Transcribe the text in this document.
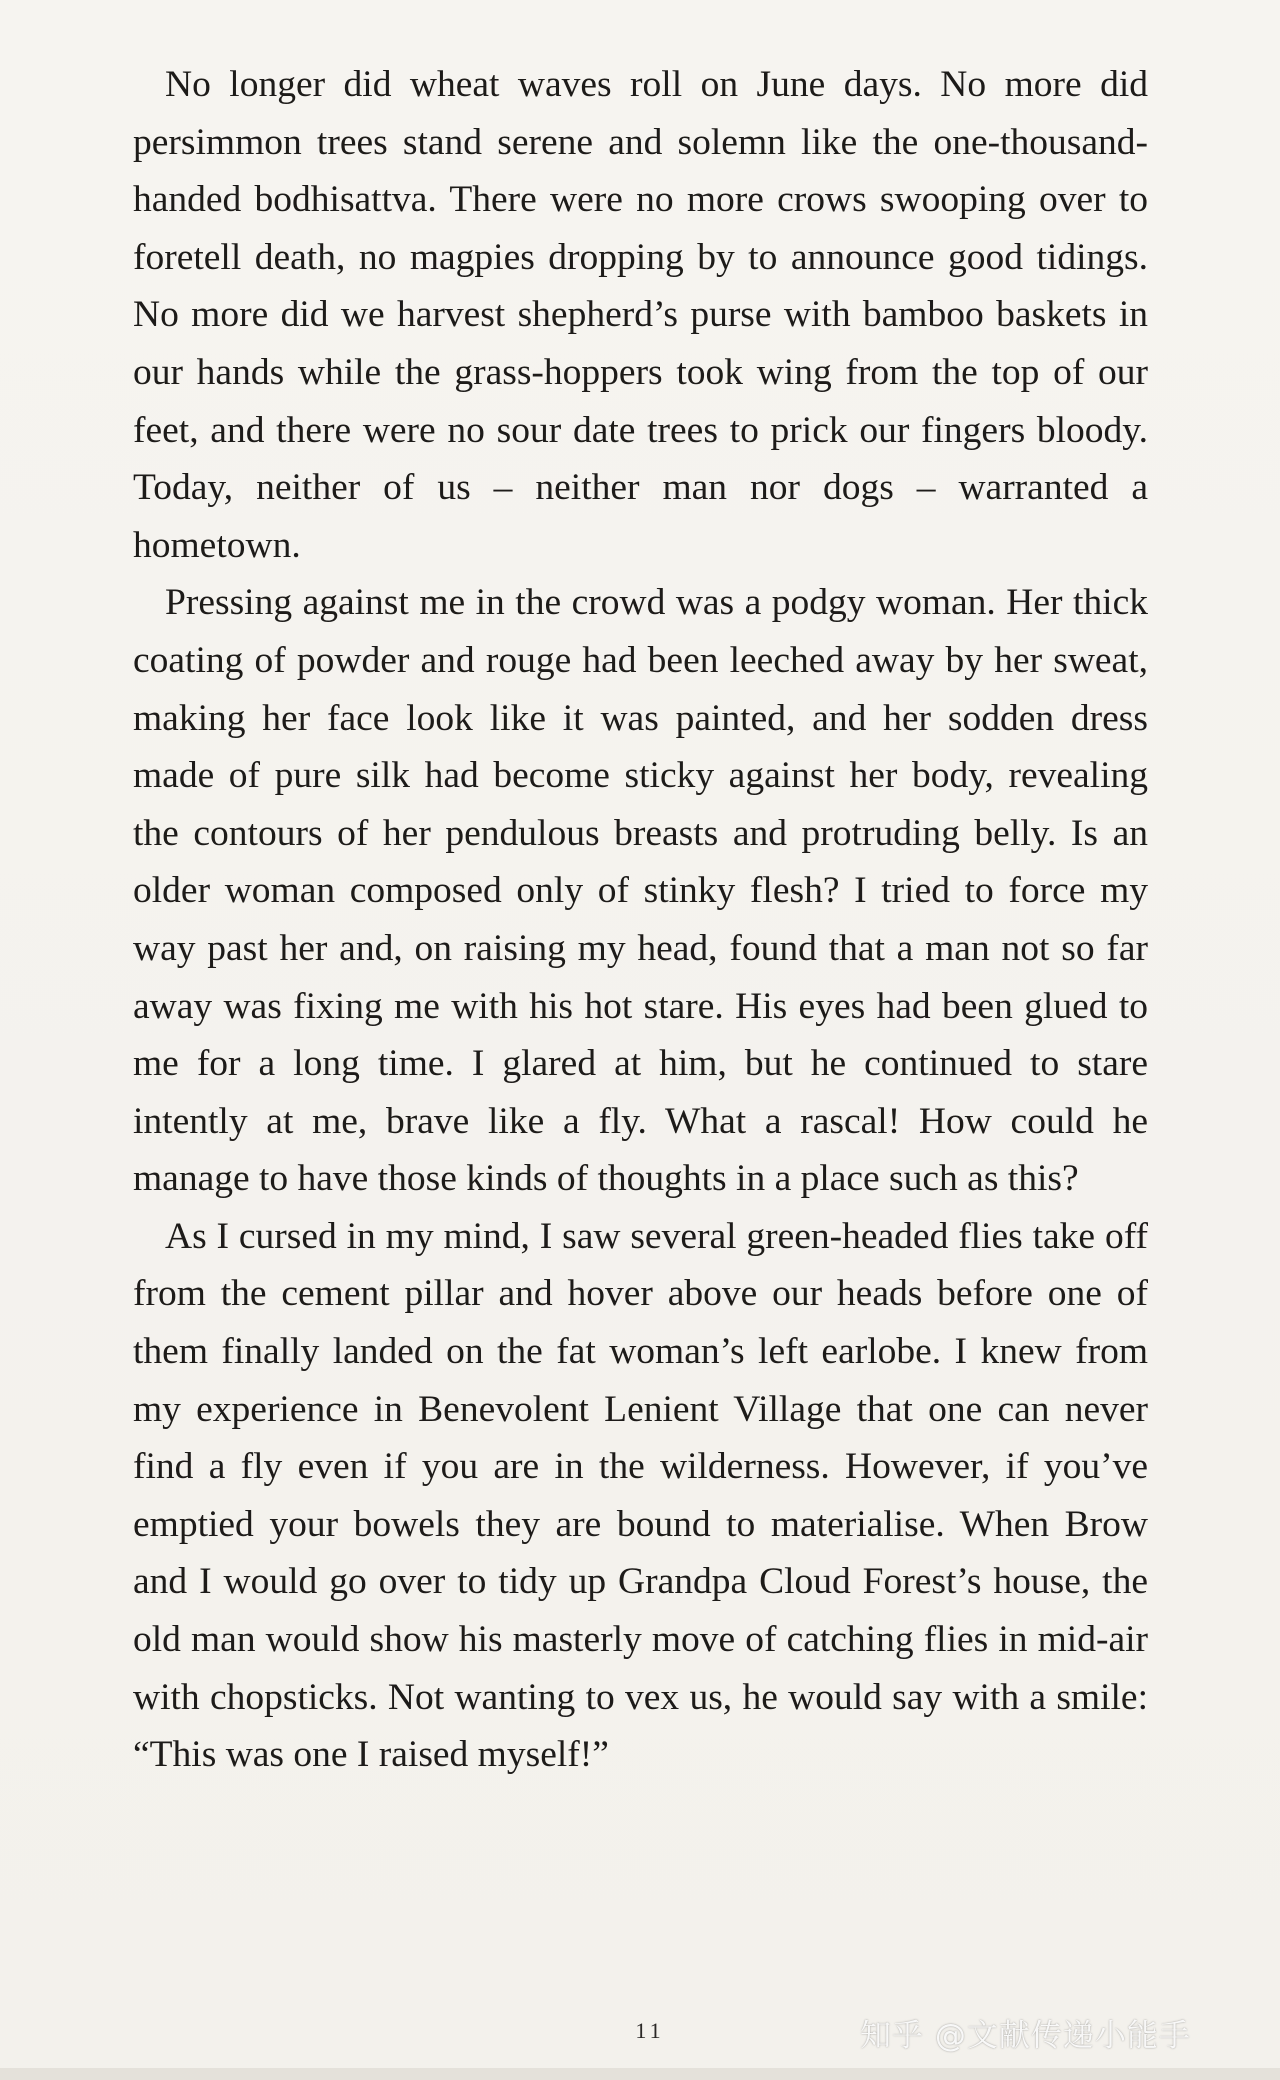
No longer did wheat waves roll on June days. No more did persimmon trees stand serene and solemn like the one-thousand-handed bodhisattva. There were no more crows swooping over to foretell death, no magpies dropping by to announce good tidings. No more did we harvest shepherd’s purse with bamboo baskets in our hands while the grass-hoppers took wing from the top of our feet, and there were no sour date trees to prick our fingers bloody. Today, neither of us – neither man nor dogs – warranted a hometown.

Pressing against me in the crowd was a podgy woman. Her thick coating of powder and rouge had been leeched away by her sweat, making her face look like it was painted, and her sodden dress made of pure silk had become sticky against her body, revealing the contours of her pendulous breasts and protruding belly. Is an older woman composed only of stinky flesh? I tried to force my way past her and, on raising my head, found that a man not so far away was fixing me with his hot stare. His eyes had been glued to me for a long time. I glared at him, but he continued to stare intently at me, brave like a fly. What a rascal! How could he manage to have those kinds of thoughts in a place such as this?

As I cursed in my mind, I saw several green-headed flies take off from the cement pillar and hover above our heads before one of them finally landed on the fat woman’s left earlobe. I knew from my experience in Benevolent Lenient Village that one can never find a fly even if you are in the wilderness. However, if you’ve emptied your bowels they are bound to materialise. When Brow and I would go over to tidy up Grandpa Cloud Forest’s house, the old man would show his masterly move of catching flies in mid-air with chopsticks. Not wanting to vex us, he would say with a smile: “This was one I raised myself!”

11	知乎 @文献传递小能手
